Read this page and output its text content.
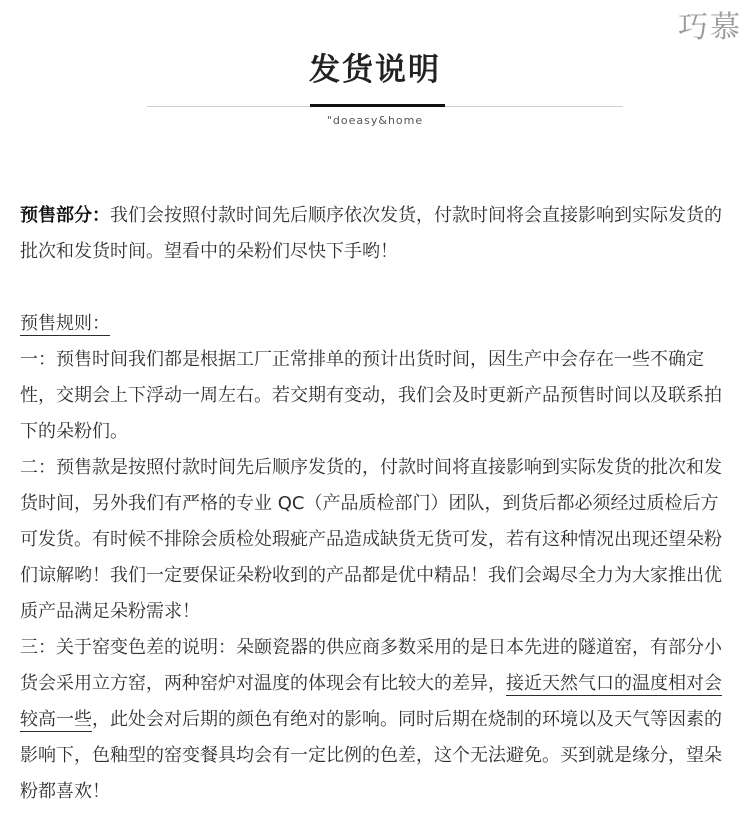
巧慕
发货说明
"doeasy&home

预售部分：我们会按照付款时间先后顺序依次发货，付款时间将会直接影响到实际发货的批次和发货时间。望看中的朵粉们尽快下手哟！

预售规则：

一：预售时间我们都是根据工厂正常排单的预计出货时间，因生产中会存在一些不确定性，交期会上下浮动一周左右。若交期有变动，我们会及时更新产品预售时间以及联系拍下的朵粉们。

二：预售款是按照付款时间先后顺序发货的，付款时间将直接影响到实际发货的批次和发货时间，另外我们有严格的专业 QC（产品质检部门）团队，到货后都必须经过质检后方可发货。有时候不排除会质检处瑕疵产品造成缺货无货可发，若有这种情况出现还望朵粉们谅解哟！我们一定要保证朵粉收到的产品都是优中精品！我们会竭尽全力为大家推出优质产品满足朵粉需求！

三：关于窑变色差的说明：朵颐瓷器的供应商多数采用的是日本先进的隧道窑，有部分小货会采用立方窑，两种窑炉对温度的体现会有比较大的差异，接近天然气口的温度相对会较高一些，此处会对后期的颜色有绝对的影响。同时后期在烧制的环境以及天气等因素的影响下，色釉型的窑变餐具均会有一定比例的色差，这个无法避免。买到就是缘分，望朵粉都喜欢！
